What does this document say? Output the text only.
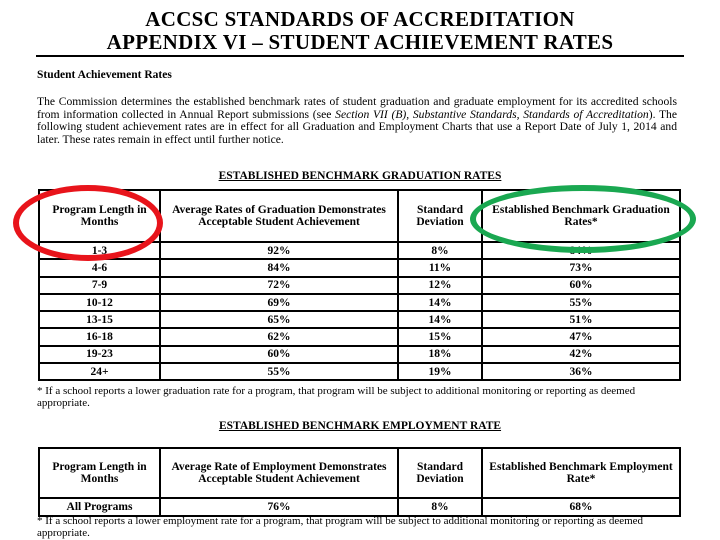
ACCSC STANDARDS OF ACCREDITATION
APPENDIX VI – STUDENT ACHIEVEMENT RATES
Student Achievement Rates
The Commission determines the established benchmark rates of student graduation and graduate employment for its accredited schools from information collected in Annual Report submissions (see Section VII (B), Substantive Standards, Standards of Accreditation). The following student achievement rates are in effect for all Graduation and Employment Charts that use a Report Date of July 1, 2014 and later. These rates remain in effect until further notice.
ESTABLISHED BENCHMARK GRADUATION RATES
Program Length in Months	Average Rates of Graduation Demonstrates Acceptable Student Achievement	Standard Deviation	Established Benchmark Graduation Rates*
1-3	92%	8%	84%
4-6	84%	11%	73%
7-9	72%	12%	60%
10-12	69%	14%	55%
13-15	65%	14%	51%
16-18	62%	15%	47%
19-23	60%	18%	42%
24+	55%	19%	36%
* If a school reports a lower graduation rate for a program, that program will be subject to additional monitoring or reporting as deemed appropriate.
ESTABLISHED BENCHMARK EMPLOYMENT RATE
Program Length in Months	Average Rate of Employment Demonstrates Acceptable Student Achievement	Standard Deviation	Established Benchmark Employment Rate*
All Programs	76%	8%	68%
* If a school reports a lower employment rate for a program, that program will be subject to additional monitoring or reporting as deemed appropriate.
